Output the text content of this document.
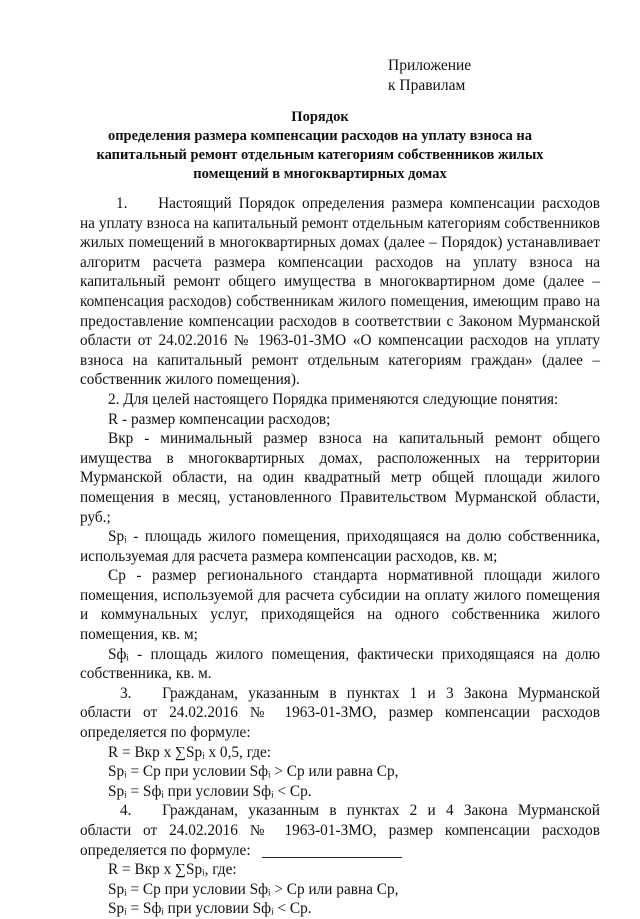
Приложение
к Правилам
Порядок
определения размера компенсации расходов на уплату взноса на
капитальный ремонт отдельным категориям собственников жилых
помещений в многоквартирных домах

1.  Настоящий Порядок определения размера компенсации расходов на уплату взноса на капитальный ремонт отдельным категориям собственников жилых помещений в многоквартирных домах (далее – Порядок) устанавливает алгоритм расчета размера компенсации расходов на уплату взноса на капитальный ремонт общего имущества в многоквартирном доме (далее – компенсация расходов) собственникам жилого помещения, имеющим право на предоставление компенсации расходов в соответствии с Законом Мурманской области от 24.02.2016 № 1963-01-ЗМО «О компенсации расходов на уплату взноса на капитальный ремонт отдельным категориям граждан» (далее – собственник жилого помещения).

2. Для целей настоящего Порядка применяются следующие понятия:

R - размер компенсации расходов;

Вкр - минимальный размер взноса на капитальный ремонт общего имущества в многоквартирных домах, расположенных на территории Мурманской области, на один квадратный метр общей площади жилого помещения в месяц, установленного Правительством Мурманской области, руб.;

Spᵢ - площадь жилого помещения, приходящаяся на долю собственника, используемая для расчета размера компенсации расходов, кв. м;

Ср - размер регионального стандарта нормативной площади жилого помещения, используемой для расчета субсидии на оплату жилого помещения и коммунальных услуг, приходящейся на одного собственника жилого помещения, кв. м;

Sфᵢ - площадь жилого помещения, фактически приходящаяся на долю собственника, кв. м.

3.  Гражданам, указанным в пунктах 1 и 3 Закона Мурманской области от 24.02.2016 № 1963-01-ЗМО, размер компенсации расходов определяется по формуле:

R = Вкр x ∑Spᵢ x 0,5, где:

Spᵢ = Ср при условии Sфᵢ > Ср или равна Ср,

Spᵢ = Sфᵢ при условии Sфᵢ < Ср.

4.  Гражданам, указанным в пунктах 2 и 4 Закона Мурманской области от 24.02.2016 № 1963-01-ЗМО, размер компенсации расходов определяется по формуле:

R = Вкр x ∑Spᵢ, где:

Spᵢ = Ср при условии Sфᵢ > Ср или равна Ср,

Spᵢ = Sфᵢ при условии Sфᵢ < Ср.
